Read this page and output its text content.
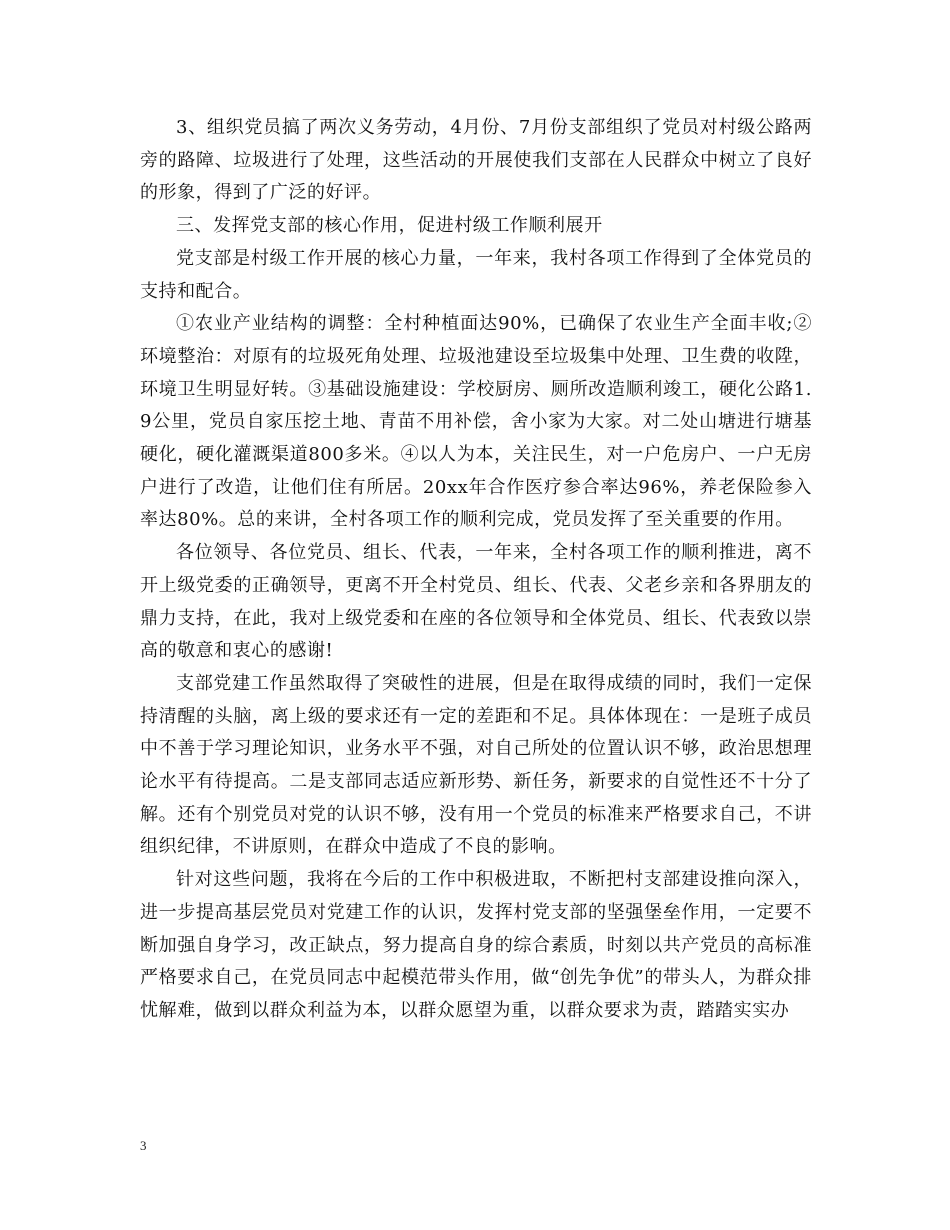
3、组织党员搞了两次义务劳动，4月份、7月份支部组织了党员对村级公路两旁的路障、垃圾进行了处理，这些活动的开展使我们支部在人民群众中树立了良好的形象，得到了广泛的好评。

三、发挥党支部的核心作用，促进村级工作顺利展开

党支部是村级工作开展的核心力量，一年来，我村各项工作得到了全体党员的支持和配合。

①农业产业结构的调整：全村种植面达90%，已确保了农业生产全面丰收;②环境整治：对原有的垃圾死角处理、垃圾池建设至垃圾集中处理、卫生费的收陞，环境卫生明显好转。③基础设施建设：学校厨房、厕所改造顺利竣工，硬化公路1.9公里，党员自家压挖土地、青苗不用补偿，舍小家为大家。对二处山塘进行塘基硬化，硬化灌溉渠道800多米。④以人为本，关注民生，对一户危房户、一户无房户进行了改造，让他们住有所居。20xx年合作医疗参合率达96%，养老保险参入率达80%。总的来讲，全村各项工作的顺利完成，党员发挥了至关重要的作用。

各位领导、各位党员、组长、代表，一年来，全村各项工作的顺利推进，离不开上级党委的正确领导，更离不开全村党员、组长、代表、父老乡亲和各界朋友的鼎力支持，在此，我对上级党委和在座的各位领导和全体党员、组长、代表致以崇高的敬意和衷心的感谢!

支部党建工作虽然取得了突破性的进展，但是在取得成绩的同时，我们一定保持清醒的头脑，离上级的要求还有一定的差距和不足。具体体现在：一是班子成员中不善于学习理论知识，业务水平不强，对自己所处的位置认识不够，政治思想理论水平有待提高。二是支部同志适应新形势、新任务，新要求的自觉性还不十分了解。还有个别党员对党的认识不够，没有用一个党员的标准来严格要求自己，不讲组织纪律，不讲原则，在群众中造成了不良的影响。

针对这些问题，我将在今后的工作中积极进取，不断把村支部建设推向深入，进一步提高基层党员对党建工作的认识，发挥村党支部的坚强堡垒作用，一定要不断加强自身学习，改正缺点，努力提高自身的综合素质，时刻以共产党员的高标准严格要求自己，在党员同志中起模范带头作用，做“创先争优”的带头人，为群众排忧解难，做到以群众利益为本，以群众愿望为重，以群众要求为责，踏踏实实办

3
